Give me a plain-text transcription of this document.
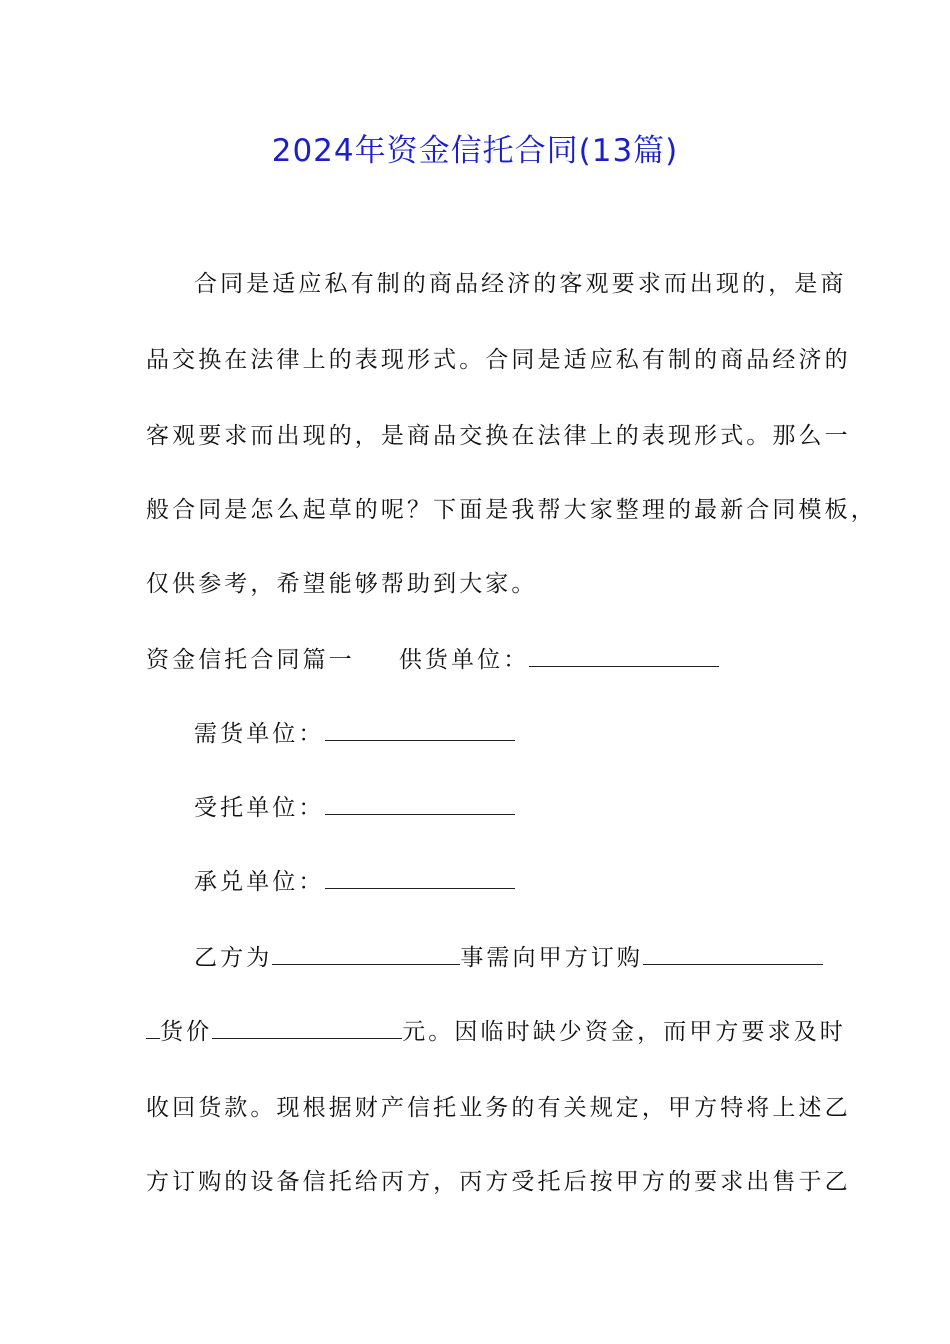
2024年资金信托合同(13篇)
合同是适应私有制的商品经济的客观要求而出现的，是商
品交换在法律上的表现形式。合同是适应私有制的商品经济的
客观要求而出现的，是商品交换在法律上的表现形式。那么一
般合同是怎么起草的呢？下面是我帮大家整理的最新合同模板，
仅供参考，希望能够帮助到大家。
资金信托合同篇一 供货单位：
需货单位：
受托单位：
承兑单位：
乙方为	事需向甲方订购
货价	元。因临时缺少资金，而甲方要求及时
收回货款。现根据财产信托业务的有关规定，甲方特将上述乙
方订购的设备信托给丙方，丙方受托后按甲方的要求出售于乙
